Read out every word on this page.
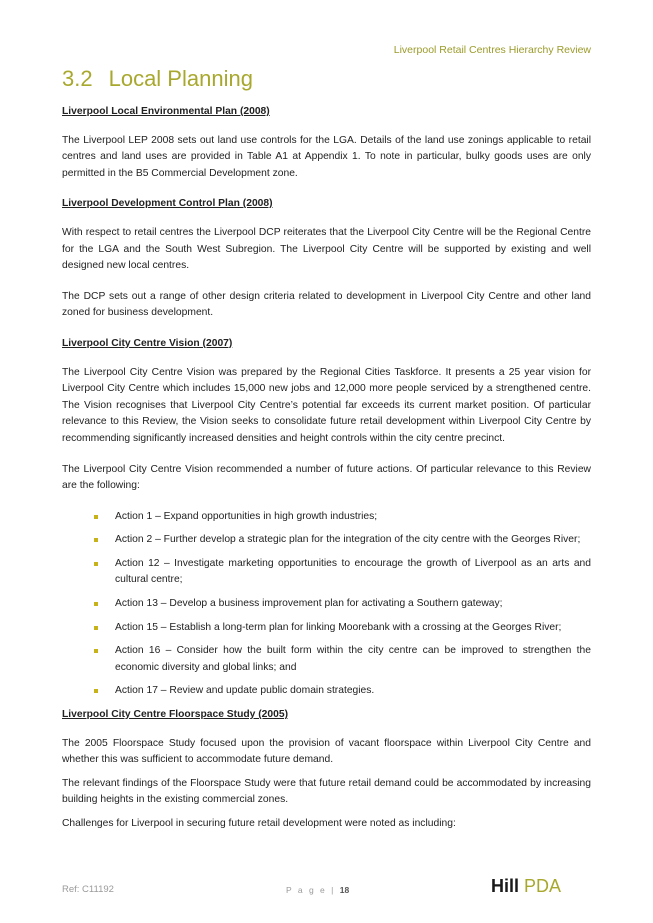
Liverpool Retail Centres Hierarchy Review
3.2 Local Planning
Liverpool Local Environmental Plan (2008)

The Liverpool LEP 2008 sets out land use controls for the LGA. Details of the land use zonings applicable to retail centres and land uses are provided in Table A1 at Appendix 1. To note in particular, bulky goods uses are only permitted in the B5 Commercial Development zone.

Liverpool Development Control Plan (2008)

With respect to retail centres the Liverpool DCP reiterates that the Liverpool City Centre will be the Regional Centre for the LGA and the South West Subregion. The Liverpool City Centre will be supported by existing and well designed new local centres.

The DCP sets out a range of other design criteria related to development in Liverpool City Centre and other land zoned for business development.

Liverpool City Centre Vision (2007)

The Liverpool City Centre Vision was prepared by the Regional Cities Taskforce. It presents a 25 year vision for Liverpool City Centre which includes 15,000 new jobs and 12,000 more people serviced by a strengthened centre. The Vision recognises that Liverpool City Centre’s potential far exceeds its current market position. Of particular relevance to this Review, the Vision seeks to consolidate future retail development within Liverpool City Centre by recommending significantly increased densities and height controls within the city centre precinct.

The Liverpool City Centre Vision recommended a number of future actions. Of particular relevance to this Review are the following:

Action 1 – Expand opportunities in high growth industries;
Action 2 – Further develop a strategic plan for the integration of the city centre with the Georges River;
Action 12 – Investigate marketing opportunities to encourage the growth of Liverpool as an arts and cultural centre;
Action 13 – Develop a business improvement plan for activating a Southern gateway;
Action 15 – Establish a long-term plan for linking Moorebank with a crossing at the Georges River;
Action 16 – Consider how the built form within the city centre can be improved to strengthen the economic diversity and global links; and
Action 17 – Review and update public domain strategies.
Liverpool City Centre Floorspace Study (2005)

The 2005 Floorspace Study focused upon the provision of vacant floorspace within Liverpool City Centre and whether this was sufficient to accommodate future demand.

The relevant findings of the Floorspace Study were that future retail demand could be accommodated by increasing building heights in the existing commercial zones.

Challenges for Liverpool in securing future retail development were noted as including:

Ref: C11192	P a g e | 18	Hill PDA
